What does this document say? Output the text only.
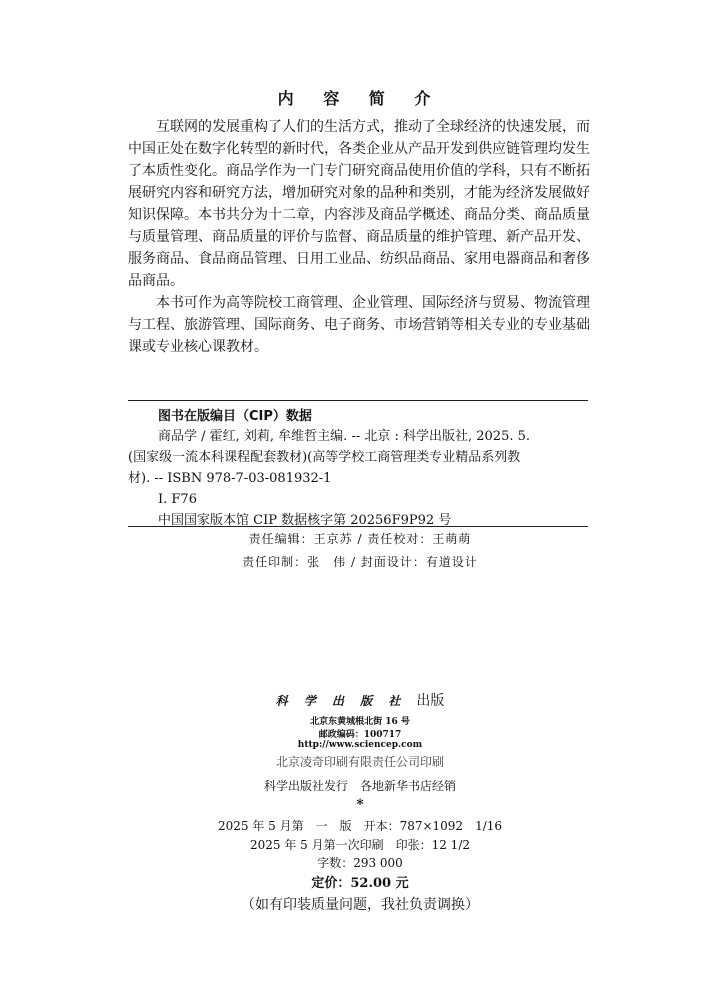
内 容 简 介

互联网的发展重构了人们的生活方式，推动了全球经济的快速发展，而中国正处在数字化转型的新时代，各类企业从产品开发到供应链管理均发生了本质性变化。商品学作为一门专门研究商品使用价值的学科，只有不断拓展研究内容和研究方法，增加研究对象的品种和类别，才能为经济发展做好知识保障。本书共分为十二章，内容涉及商品学概述、商品分类、商品质量与质量管理、商品质量的评价与监督、商品质量的维护管理、新产品开发、服务商品、食品商品管理、日用工业品、纺织品商品、家用电器商品和奢侈品商品。

本书可作为高等院校工商管理、企业管理、国际经济与贸易、物流管理与工程、旅游管理、国际商务、电子商务、市场营销等相关专业的专业基础课或专业核心课教材。

图书在版编目（CIP）数据
商品学 / 霍红, 刘莉, 牟维哲主编. -- 北京 : 科学出版社, 2025. 5.
(国家级一流本科课程配套教材)(高等学校工商管理类专业精品系列教
材). -- ISBN 978-7-03-081932-1
Ⅰ. F76
中国国家版本馆 CIP 数据核字第 20256F9P92 号
责任编辑：王京苏 / 责任校对：王萌萌
责任印制：张　伟 / 封面设计：有道设计
科 学 出 版 社 出版
北京东黄城根北街 16 号
邮政编码：100717
http://www.sciencep.com
北京凌奇印刷有限责任公司印刷
科学出版社发行　各地新华书店经销
*
2025 年 5 月第　一　版　开本：787×1092　1/16
2025 年 5 月第一次印刷　印张：12 1/2
字数：293 000
定价：52.00 元
（如有印装质量问题，我社负责调换）
